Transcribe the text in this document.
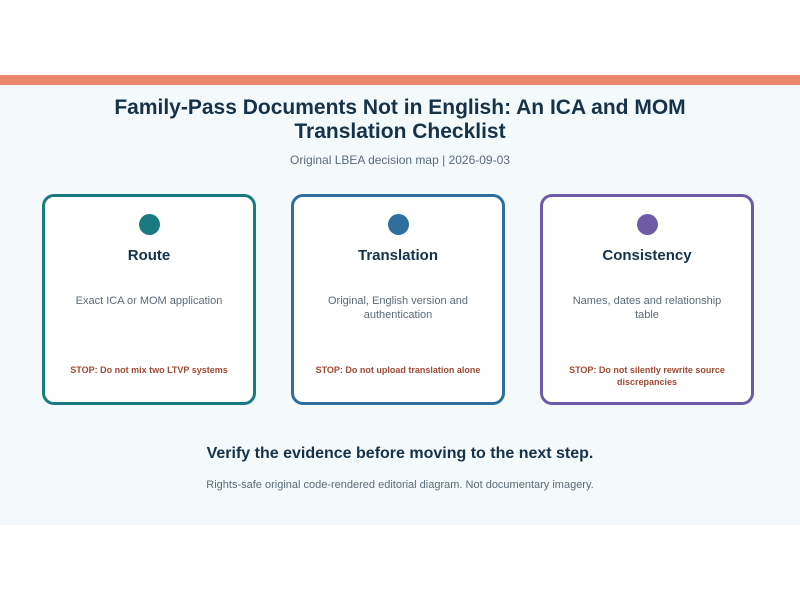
Family-Pass Documents Not in English: An ICA and MOM Translation Checklist
Original LBEA decision map | 2026-09-03
Route
Exact ICA or MOM application
STOP: Do not mix two LTVP systems
Translation
Original, English version and authentication
STOP: Do not upload translation alone
Consistency
Names, dates and relationship table
STOP: Do not silently rewrite source discrepancies
Verify the evidence before moving to the next step.
Rights-safe original code-rendered editorial diagram. Not documentary imagery.
